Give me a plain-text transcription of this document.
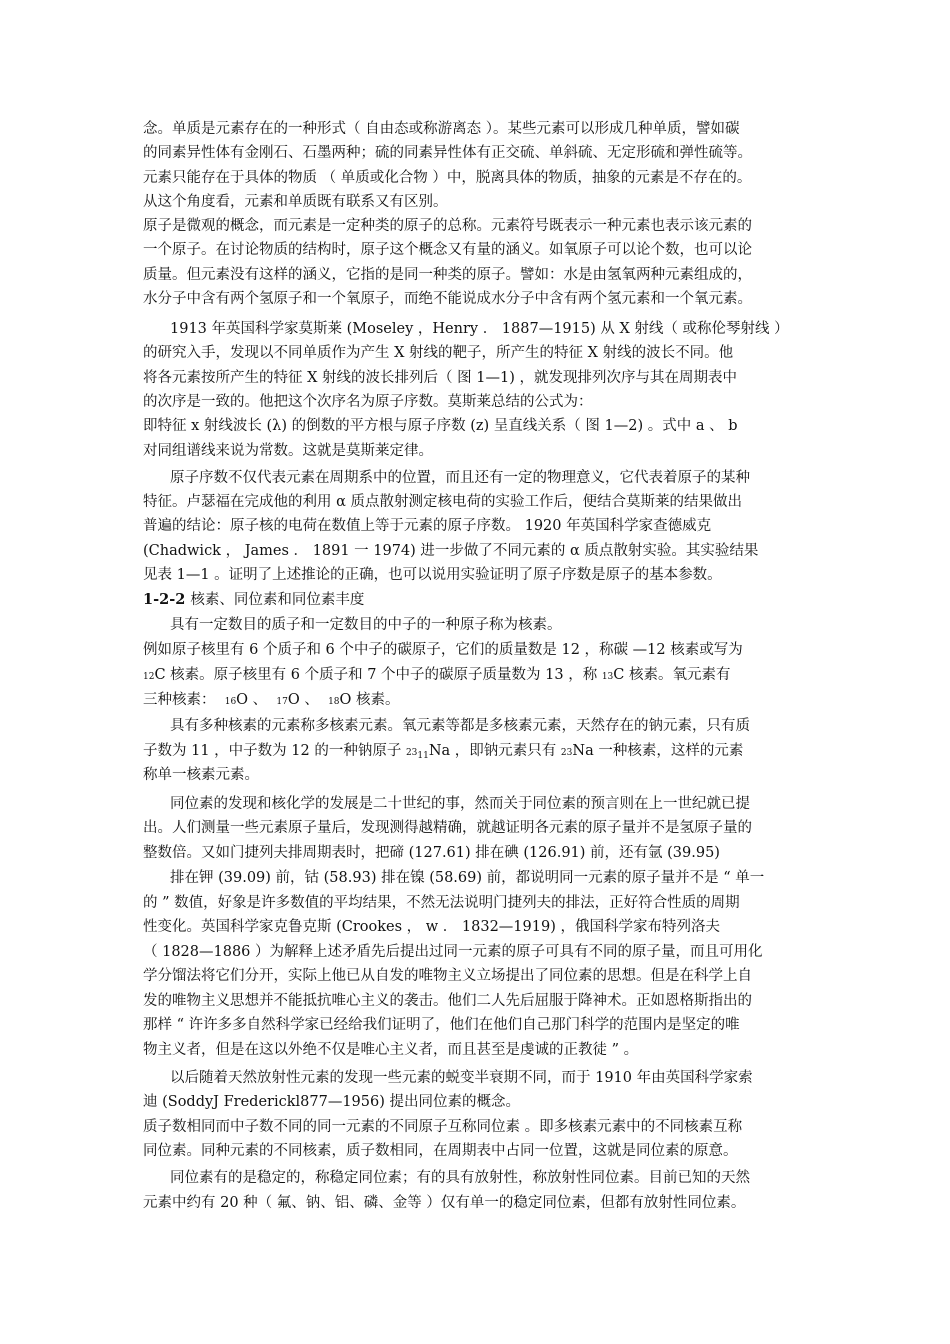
念。单质是元素存在的一种形式（ 自由态或称游离态 ）。某些元素可以形成几种单质，譬如碳
的同素异性体有金刚石、石墨两种；硫的同素异性体有正交硫、单斜硫、无定形硫和弹性硫等。
元素只能存在于具体的物质 （ 单质或化合物 ）中，脱离具体的物质，抽象的元素是不存在的。
从这个角度看，元素和单质既有联系又有区别。
原子是微观的概念，而元素是一定种类的原子的总称。元素符号既表示一种元素也表示该元素的
一个原子。在讨论物质的结构时，原子这个概念又有量的涵义。如氧原子可以论个数，也可以论
质量。但元素没有这样的涵义，它指的是同一种类的原子。譬如：水是由氢氧两种元素组成的，
水分子中含有两个氢原子和一个氧原子，而绝不能说成水分子中含有两个氢元素和一个氧元素。
1913 年英国科学家莫斯莱 (Moseley ，Henry ． 1887—1915) 从 X 射线（ 或称伦琴射线 ）
的研究入手，发现以不同单质作为产生 X 射线的靶子，所产生的特征 X 射线的波长不同。他
将各元素按所产生的特征 X 射线的波长排列后（ 图 1—1) ，就发现排列次序与其在周期表中
的次序是一致的。他把这个次序名为原子序数。莫斯莱总结的公式为：
即特征 x 射线波长 (λ) 的倒数的平方根与原子序数 (z) 呈直线关系（ 图 1—2) 。式中 a 、 b
对同组谱线来说为常数。这就是莫斯莱定律。
原子序数不仅代表元素在周期系中的位置，而且还有一定的物理意义，它代表着原子的某种
特征。卢瑟福在完成他的利用 α 质点散射测定核电荷的实验工作后，便结合莫斯莱的结果做出
普遍的结论：原子核的电荷在数值上等于元素的原子序数。 1920 年英国科学家查德威克
(Chadwick ， James ． 1891 一 1974) 进一步做了不同元素的 α 质点散射实验。其实验结果
见表 1—1 。证明了上述推论的正确，也可以说用实验证明了原子序数是原子的基本参数。
1-2-2 核素、同位素和同位素丰度
具有一定数目的质子和一定数目的中子的一种原子称为核素。
例如原子核里有 6 个质子和 6 个中子的碳原子，它们的质量数是 12 ，称碳 —12 核素或写为
12C 核素。原子核里有 6 个质子和 7 个中子的碳原子质量数为 13 ，称 13C 核素。氧元素有
三种核素：  16O 、  17O 、  18O 核素。
具有多种核素的元素称多核素元素。氧元素等都是多核素元素，天然存在的钠元素，只有质
子数为 11 ，中子数为 12 的一种钠原子 $23_{11}Na$ ，即钠元素只有 23Na 一种核素，这样的元素
称单一核素元素。
同位素的发现和核化学的发展是二十世纪的事，然而关于同位素的预言则在上一世纪就已提
出。人们测量一些元素原子量后，发现测得越精确，就越证明各元素的原子量并不是氢原子量的
整数倍。又如门捷列夫排周期表时，把碲 (127.61) 排在碘 (126.91) 前，还有氩 (39.95)
排在钾 (39.09) 前，钴 (58.93) 排在镍 (58.69) 前，都说明同一元素的原子量并不是 “ 单一
的 ” 数值，好象是许多数值的平均结果，不然无法说明门捷列夫的排法，正好符合性质的周期
性变化。英国科学家克鲁克斯 (Crookes ， w ． 1832—1919) ，俄国科学家布特列洛夫
（ 1828—1886 ）为解释上述矛盾先后提出过同一元素的原子可具有不同的原子量，而且可用化
学分馏法将它们分开，实际上他已从自发的唯物主义立场提出了同位素的思想。但是在科学上自
发的唯物主义思想并不能抵抗唯心主义的袭击。他们二人先后屈服于降神术。正如恩格斯指出的
那样 “ 许许多多自然科学家已经给我们证明了，他们在他们自己那门科学的范围内是坚定的唯
物主义者，但是在这以外绝不仅是唯心主义者，而且甚至是虔诚的正教徒 ” 。
以后随着天然放射性元素的发现一些元素的蜕变半衰期不同，而于 1910 年由英国科学家索
迪 (SoddyJ Frederickl877—1956) 提出同位素的概念。
质子数相同而中子数不同的同一元素的不同原子互称同位素 。即多核素元素中的不同核素互称
同位素。同种元素的不同核素，质子数相同，在周期表中占同一位置，这就是同位素的原意。
同位素有的是稳定的，称稳定同位素；有的具有放射性，称放射性同位素。目前已知的天然
元素中约有 20 种（ 氟、钠、铝、磷、金等 ）仅有单一的稳定同位素，但都有放射性同位素。
